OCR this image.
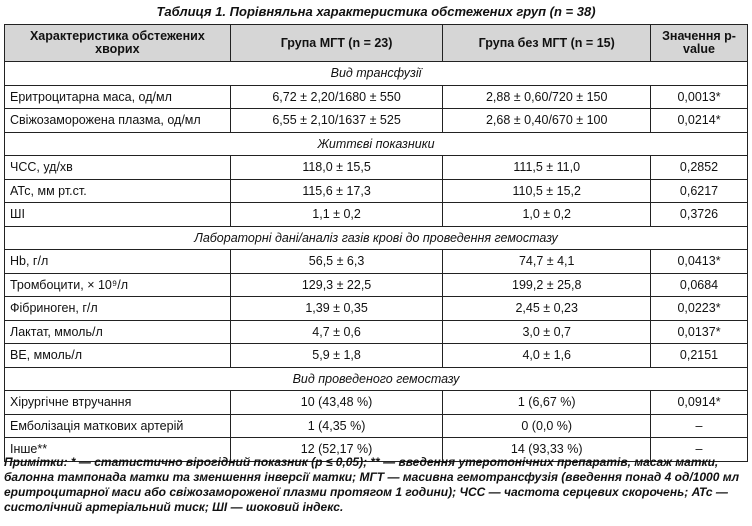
Таблиця 1. Порівняльна характеристика обстежених груп (n = 38)
Характеристика обстежених хворих	Група МГТ (n = 23)	Група без МГТ (n = 15)	Значення p-value
Вид трансфузії			
Еритроцитарна маса, од/мл	6,72 ± 2,20/1680 ± 550	2,88 ± 0,60/720 ± 150	0,0013*
Свіжозаморожена плазма, од/мл	6,55 ± 2,10/1637 ± 525	2,68 ± 0,40/670 ± 100	0,0214*
Життєві показники			
ЧСС, уд/хв	118,0 ± 15,5	111,5 ± 11,0	0,2852
АТс, мм рт.ст.	115,6 ± 17,3	110,5 ± 15,2	0,6217
ШІ	1,1 ± 0,2	1,0 ± 0,2	0,3726
Лабораторні дані/аналіз газів крові до проведення гемостазу			
Hb, г/л	56,5 ± 6,3	74,7 ± 4,1	0,0413*
Тромбоцити, × 10⁹/л	129,3 ± 22,5	199,2 ± 25,8	0,0684
Фібриноген, г/л	1,39 ± 0,35	2,45 ± 0,23	0,0223*
Лактат, ммоль/л	4,7 ± 0,6	3,0 ± 0,7	0,0137*
BE, ммоль/л	5,9 ± 1,8	4,0 ± 1,6	0,2151
Вид проведеного гемостазу			
Хірургічне втручання	10 (43,48 %)	1 (6,67 %)	0,0914*
Емболізація маткових артерій	1 (4,35 %)	0 (0,0 %)	–
Інше**	12 (52,17 %)	14 (93,33 %)	–
Примітки: * — статистично вірогідний показник (p ≤ 0,05); ** — введення утеротонічних препаратів, масаж матки, балонна тампонада матки та зменшення інверсії матки; МГТ — масивна гемотрансфузія (введення понад 4 од/1000 мл еритроцитарної маси або свіжозамороженої плазми протягом 1 години); ЧСС — частота серцевих скорочень; АТс — систолічний артеріальний тиск; ШІ — шоковий індекс.
